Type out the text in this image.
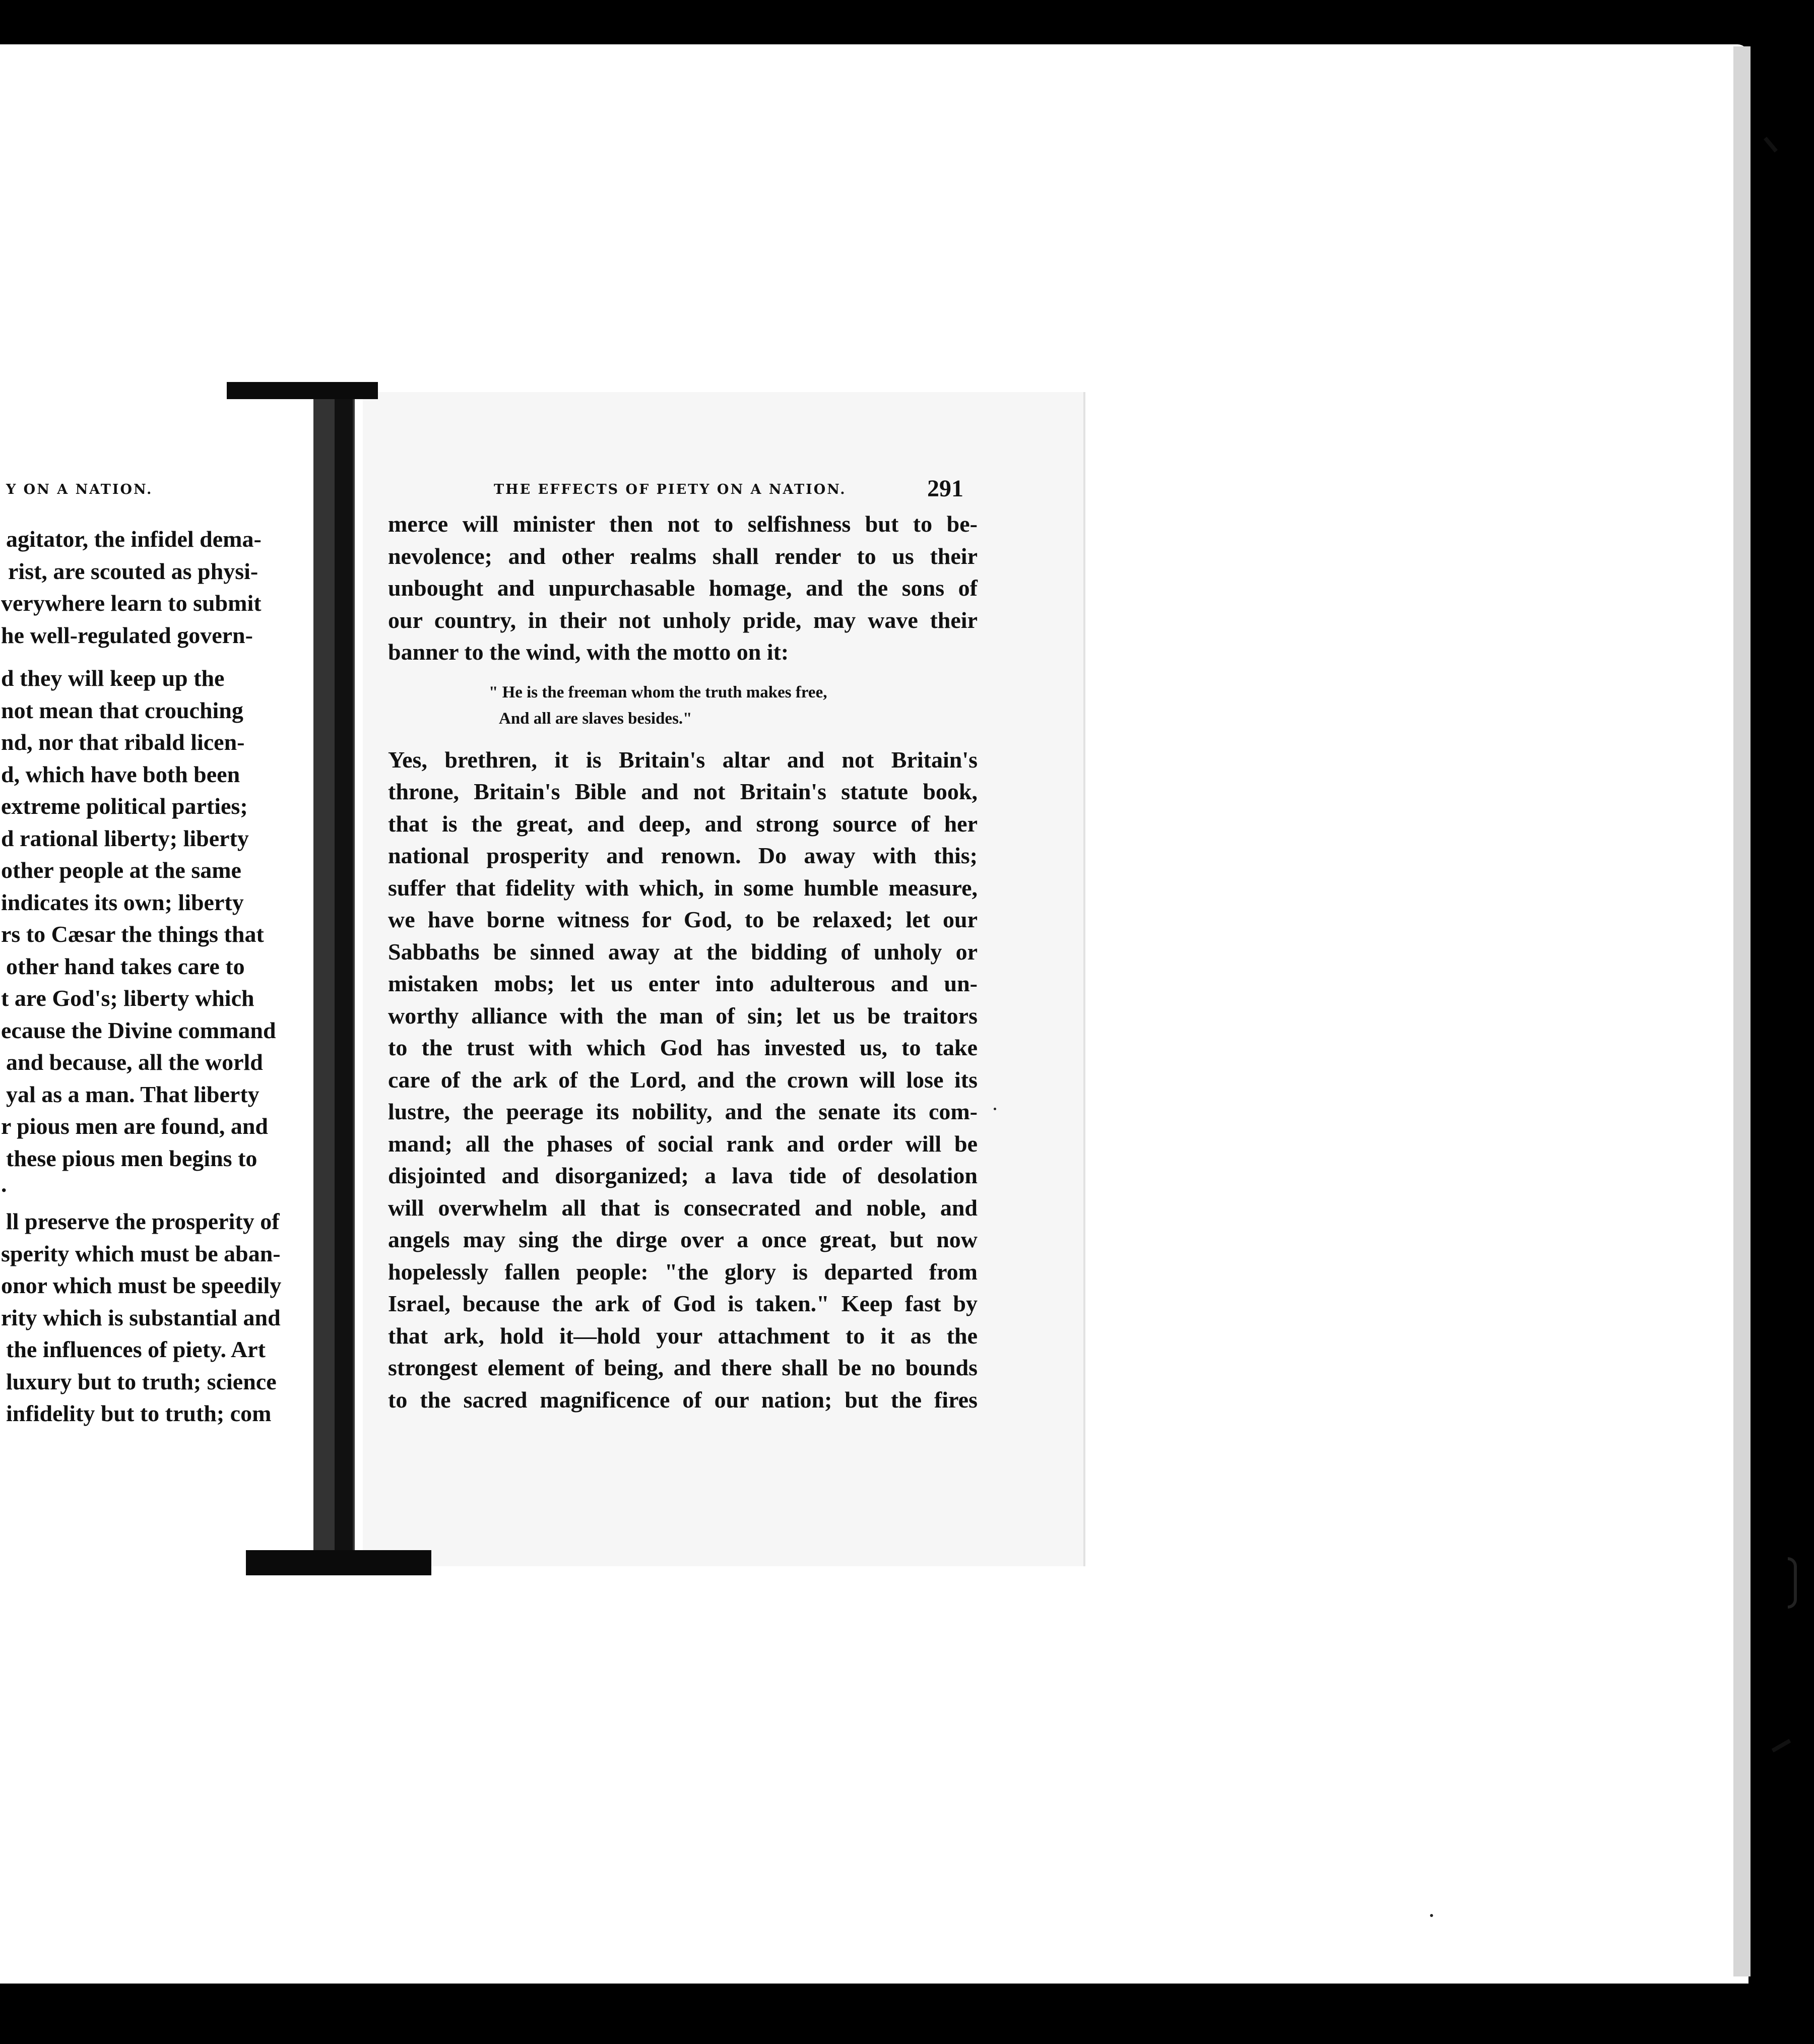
Y ON A NATION.
agitator, the infidel dema-
rist, are scouted as physi-
verywhere learn to submit
he well-regulated govern-
d they will keep up the
not mean that crouching
nd, nor that ribald licen-
d, which have both been
extreme political parties;
d rational liberty; liberty
other people at the same
indicates its own; liberty
rs to Cæsar the things that
other hand takes care to
t are God's; liberty which
ecause the Divine command
and because, all the world
yal as a man. That liberty
r pious men are found, and
these pious men begins to
.
ll preserve the prosperity of
sperity which must be aban-
onor which must be speedily
rity which is substantial and
the influences of piety. Art
luxury but to truth; science
infidelity but to truth; com
THE EFFECTS OF PIETY ON A NATION.	291
merce will minister then not to selfishness but to be-
nevolence; and other realms shall render to us their
unbought and unpurchasable homage, and the sons of
our country, in their not unholy pride, may wave their
banner to the wind, with the motto on it:
" He is the freeman whom the truth makes free,
And all are slaves besides."
Yes, brethren, it is Britain's altar and not Britain's
throne, Britain's Bible and not Britain's statute book,
that is the great, and deep, and strong source of her
national prosperity and renown. Do away with this;
suffer that fidelity with which, in some humble measure,
we have borne witness for God, to be relaxed; let our
Sabbaths be sinned away at the bidding of unholy or
mistaken mobs; let us enter into adulterous and un-
worthy alliance with the man of sin; let us be traitors
to the trust with which God has invested us, to take
care of the ark of the Lord, and the crown will lose its
lustre, the peerage its nobility, and the senate its com-
mand; all the phases of social rank and order will be
disjointed and disorganized; a lava tide of desolation
will overwhelm all that is consecrated and noble, and
angels may sing the dirge over a once great, but now
hopelessly fallen people: "the glory is departed from
Israel, because the ark of God is taken." Keep fast by
that ark, hold it—hold your attachment to it as the
strongest element of being, and there shall be no bounds
to the sacred magnificence of our nation; but the fires
